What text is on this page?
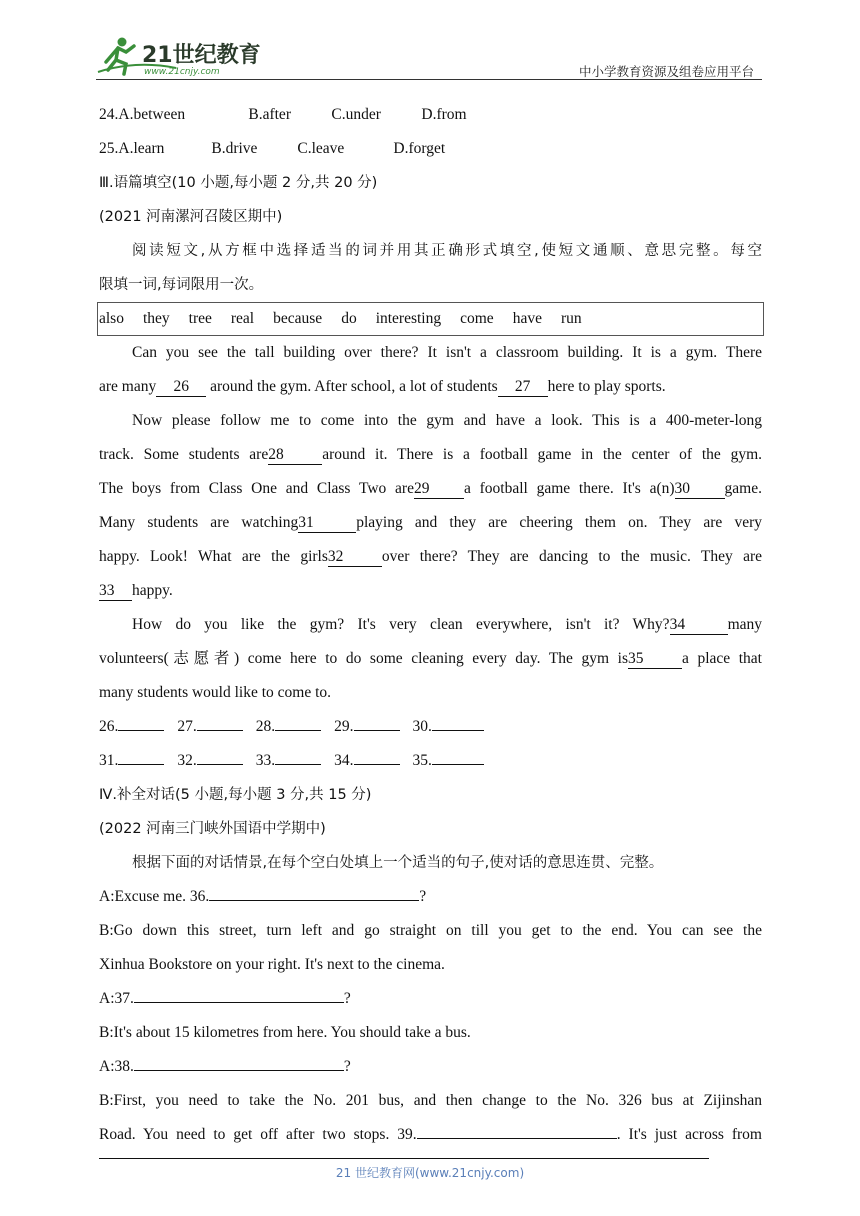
21世纪教育
www.21cnjy.com	中小学教育资源及组卷应用平台
24.A.between	B.after	C.under	D.from
25.A.learn	B.drive	C.leave	D.forget
Ⅲ.语篇填空(10 小题,每小题 2 分,共 20 分)
(2021 河南漯河召陵区期中)
阅读短文,从方框中选择适当的词并用其正确形式填空,使短文通顺、意思完整。每空
限填一词,每词限用一次。
also they tree real because do interesting come have run
Can you see the tall building over there? It isn't a classroom building. It is a gym. There
are many 26 around the gym. After school, a lot of students 27 here to play sports.
Now please follow me to come into the gym and have a look. This is a 400-meter-long
track. Some students are28 around it. There is a football game in the center of the gym.
The boys from Class One and Class Two are29 a football game there. It's a(n)30 game.
Many students are watching31	playing and they are cheering them on. They are very
happy. Look! What are the girls32 over there? They are dancing to the music. They are
33 happy.
How do you like the gym? It's very clean everywhere, isn't it? Why?34	many
volunteers(志愿者) come here to do some cleaning every day. The gym is35 a place that
many students would like to come to.
26.	27.	28.	29.	30.
31.	32.	33.	34.	35.
Ⅳ.补全对话(5 小题,每小题 3 分,共 15 分)
(2022 河南三门峡外国语中学期中)
根据下面的对话情景,在每个空白处填上一个适当的句子,使对话的意思连贯、完整。
A:Excuse me. 36.	?
B:Go down this street, turn left and go straight on till you get to the end. You can see the
Xinhua Bookstore on your right. It's next to the cinema.
A:37.	?
B:It's about 15 kilometres from here. You should take a bus.
A:38.	?
B:First, you need to take the No. 201 bus, and then change to the No. 326 bus at Zijinshan
Road. You need to get off after two stops. 39.	. It's just across from
21 世纪教育网(www.21cnjy.com)
